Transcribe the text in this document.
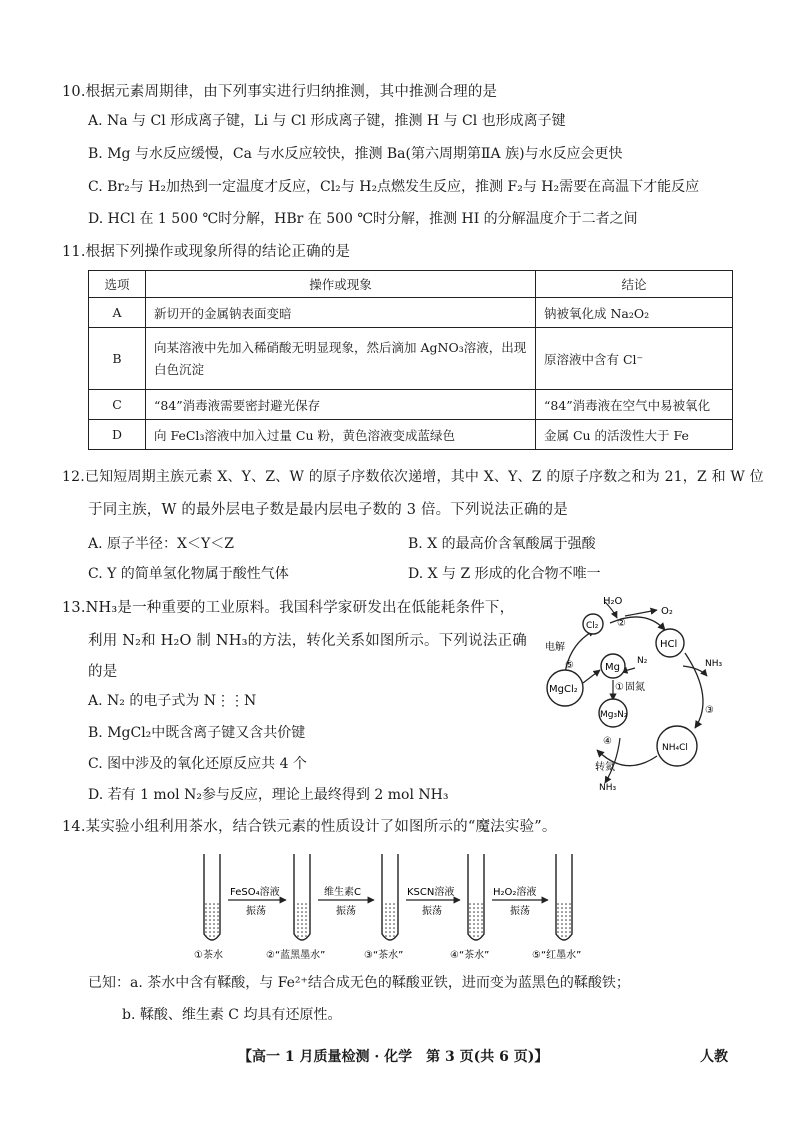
10.根据元素周期律，由下列事实进行归纳推测，其中推测合理的是
A. Na 与 Cl 形成离子键，Li 与 Cl 形成离子键，推测 H 与 Cl 也形成离子键
B. Mg 与水反应缓慢，Ca 与水反应较快，推测 Ba(第六周期第ⅡA 族)与水反应会更快
C. Br₂与 H₂加热到一定温度才反应，Cl₂与 H₂点燃发生反应，推测 F₂与 H₂需要在高温下才能反应
D. HCl 在 1 500 ℃时分解，HBr 在 500 ℃时分解，推测 HI 的分解温度介于二者之间
11.根据下列操作或现象所得的结论正确的是
选项	操作或现象	结论
A	新切开的金属钠表面变暗	钠被氧化成 Na₂O₂
B	向某溶液中先加入稀硝酸无明显现象，然后滴加 AgNO₃溶液，出现白色沉淀	原溶液中含有 Cl⁻
C	“84”消毒液需要密封避光保存	“84”消毒液在空气中易被氧化
D	向 FeCl₃溶液中加入过量 Cu 粉，黄色溶液变成蓝绿色	金属 Cu 的活泼性大于 Fe
12.已知短周期主族元素 X、Y、Z、W 的原子序数依次递增，其中 X、Y、Z 的原子序数之和为 21，Z 和 W 位
于同主族，W 的最外层电子数是最内层电子数的 3 倍。下列说法正确的是
A. 原子半径：X＜Y＜Z	B. X 的最高价含氧酸属于强酸
C. Y 的简单氢化物属于酸性气体	D. X 与 Z 形成的化合物不唯一
13.NH₃是一种重要的工业原料。我国科学家研发出在低能耗条件下，
利用 N₂和 H₂O 制 NH₃的方法，转化关系如图所示。下列说法正确
的是
A. N₂ 的电子式为 N⋮⋮N
B. MgCl₂中既含离子键又含共价键
C. 图中涉及的氧化还原反应共 4 个
D. 若有 1 mol N₂参与反应，理论上最终得到 2 mol NH₃
H₂O
O₂
Cl₂
HCl
NH₃
Mg
N₂
MgCl₂
Mg₃N₂
NH₄Cl
NH₃
电解
固氮
转氮
①
②
③
④
⑤
14.某实验小组利用茶水，结合铁元素的性质设计了如图所示的“魔法实验”。
FeSO₄溶液	维生素C	KSCN溶液	H₂O₂溶液
振荡	振荡	振荡	振荡
①茶水	②“蓝黑墨水”	③“茶水”	④“茶水”	⑤“红墨水”
已知：a. 茶水中含有鞣酸，与 Fe²⁺结合成无色的鞣酸亚铁，进而变为蓝黑色的鞣酸铁；
b. 鞣酸、维生素 C 均具有还原性。
【高一 1 月质量检测 · 化学　第 3 页(共 6 页)】	人教
